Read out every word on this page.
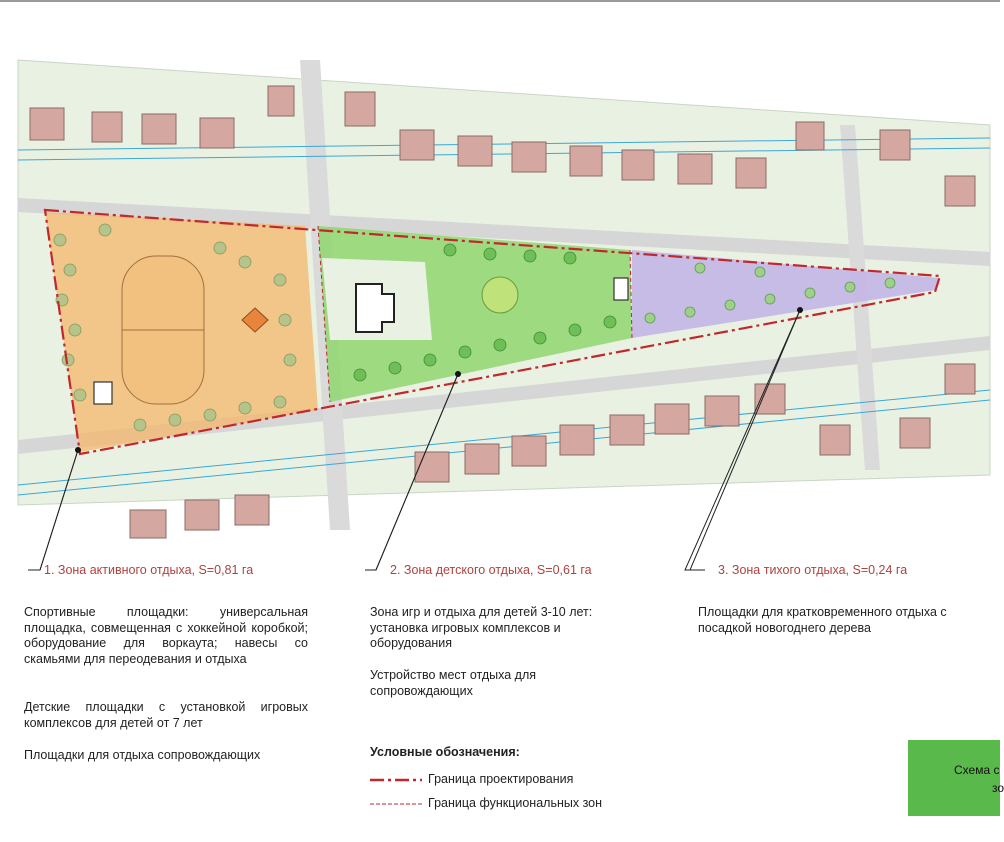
1. Зона активного отдыха, S=0,81 га	2. Зона детского отдыха, S=0,61 га	3. Зона тихого отдыха, S=0,24 га

Спортивные площадки: универсальная площадка, совмещенная с хоккейной коробкой; оборудование для воркаута; навесы со скамьями для переодевания и отдыха

Детские площадки с установкой игровых комплексов для детей от 7 лет

Площадки для отдыха сопровождающих

Зона игр и отдыха для детей 3-10 лет: установка игровых комплексов и оборудования

Устройство мест отдыха для сопровождающих

Площадки для кратковременного отдыха с посадкой новогоднего дерева

Условные обозначения:
Граница проектирования
Граница функциональных зон
Схема с
зо
